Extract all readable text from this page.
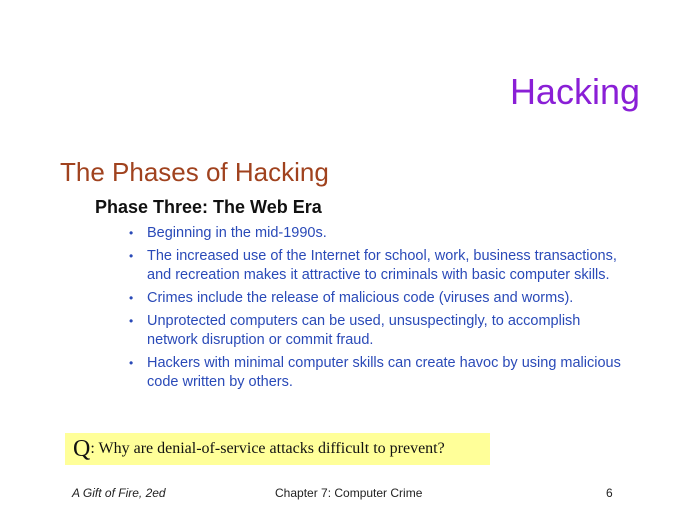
Hacking
The Phases of Hacking
Phase Three: The Web Era
• Beginning in the mid-1990s.
• The increased use of the Internet for school, work, business transactions, and recreation makes it attractive to criminals with basic computer skills.
• Crimes include the release of malicious code (viruses and worms).
• Unprotected computers can be used, unsuspectingly, to accomplish network disruption or commit fraud.
• Hackers with minimal computer skills can create havoc by using malicious code written by others.
Q : Why are denial-of-service attacks difficult to prevent?
A Gift of Fire, 2ed	Chapter 7: Computer Crime	6
